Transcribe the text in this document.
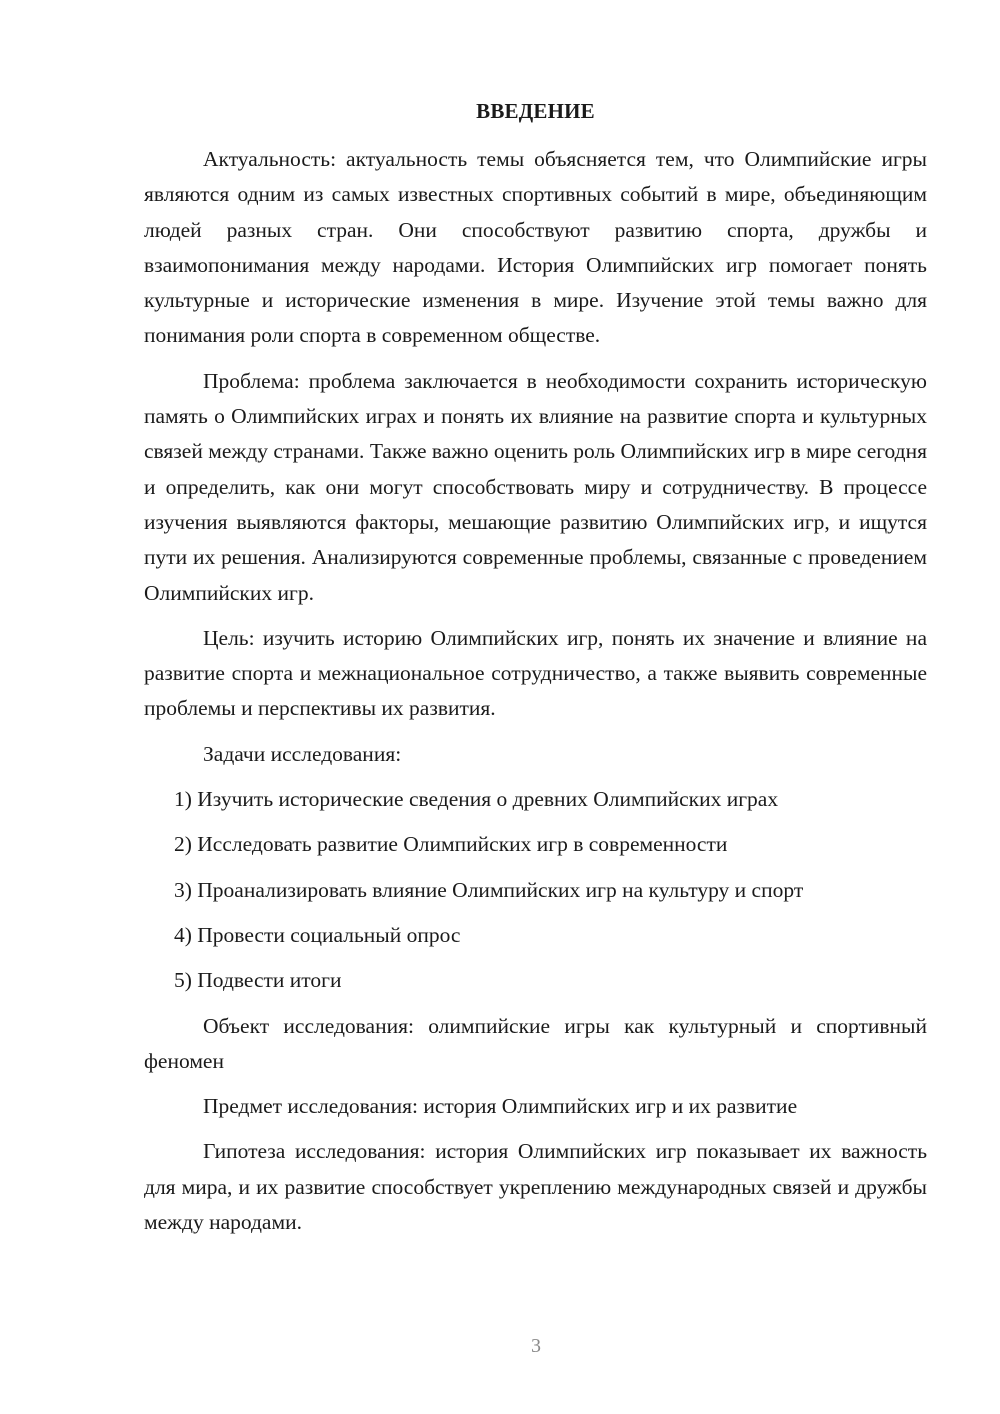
ВВЕДЕНИЕ

Актуальность: актуальность темы объясняется тем, что Олимпийские игры являются одним из самых известных спортивных событий в мире, объединяющим людей разных стран. Они способствуют развитию спорта, дружбы и взаимопонимания между народами. История Олимпийских игр помогает понять культурные и исторические изменения в мире. Изучение этой темы важно для понимания роли спорта в современном обществе.

Проблема: проблема заключается в необходимости сохранить историческую память о Олимпийских играх и понять их влияние на развитие спорта и культурных связей между странами. Также важно оценить роль Олимпийских игр в мире сегодня и определить, как они могут способствовать миру и сотрудничеству. В процессе изучения выявляются факторы, мешающие развитию Олимпийских игр, и ищутся пути их решения. Анализируются современные проблемы, связанные с проведением Олимпийских игр.

Цель: изучить историю Олимпийских игр, понять их значение и влияние на развитие спорта и межнациональное сотрудничество, а также выявить современные проблемы и перспективы их развития.

Задачи исследования:

1) Изучить исторические сведения о древних Олимпийских играх
2) Исследовать развитие Олимпийских игр в современности
3) Проанализировать влияние Олимпийских игр на культуру и спорт
4) Провести социальный опрос
5) Подвести итоги

Объект исследования: олимпийские игры как культурный и спортивный феномен

Предмет исследования: история Олимпийских игр и их развитие

Гипотеза исследования: история Олимпийских игр показывает их важность для мира, и их развитие способствует укреплению международных связей и дружбы между народами.

3
